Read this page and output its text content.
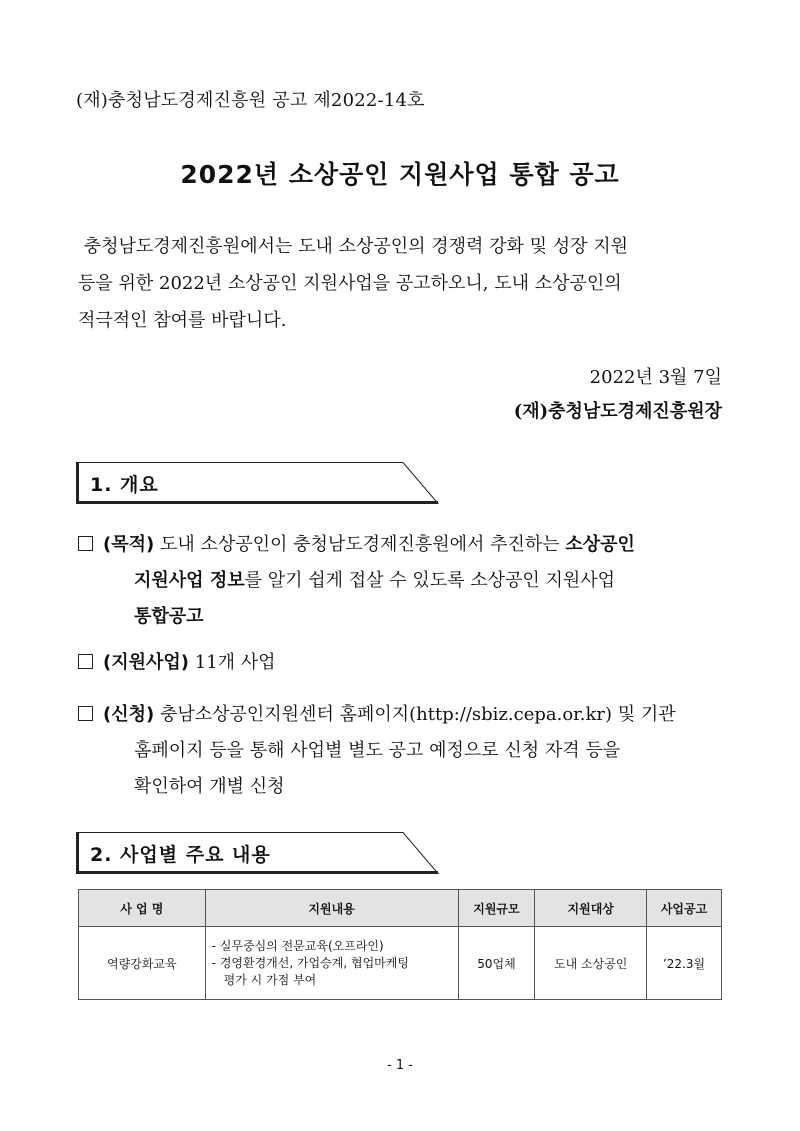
(재)충청남도경제진흥원 공고 제2022-14호
2022년 소상공인 지원사업 통합 공고
충청남도경제진흥원에서는 도내 소상공인의 경쟁력 강화 및 성장 지원
등을 위한 2022년 소상공인 지원사업을 공고하오니, 도내 소상공인의
적극적인 참여를 바랍니다.
2022년 3월 7일
(재)충청남도경제진흥원장
1. 개요
(목적) 도내 소상공인이 충청남도경제진흥원에서 추진하는 소상공인
지원사업 정보를 알기 쉽게 접살 수 있도록 소상공인 지원사업
통합공고
(지원사업) 11개 사업
(신청) 충남소상공인지원센터 홈페이지(http://sbiz.cepa.or.kr) 및 기관
홈페이지 등을 통해 사업별 별도 공고 예정으로 신청 자격 등을
확인하여 개별 신청
2. 사업별 주요 내용
사 업 명	지원내용	지원규모	지원대상	사업공고
역량강화교육	- 실무중심의 전문교육(오프라인)
- 경영환경개선, 가업승계, 협업마케팅
평가 시 가점 부여	50업체	도내 소상공인	’22.3월
- 1 -
